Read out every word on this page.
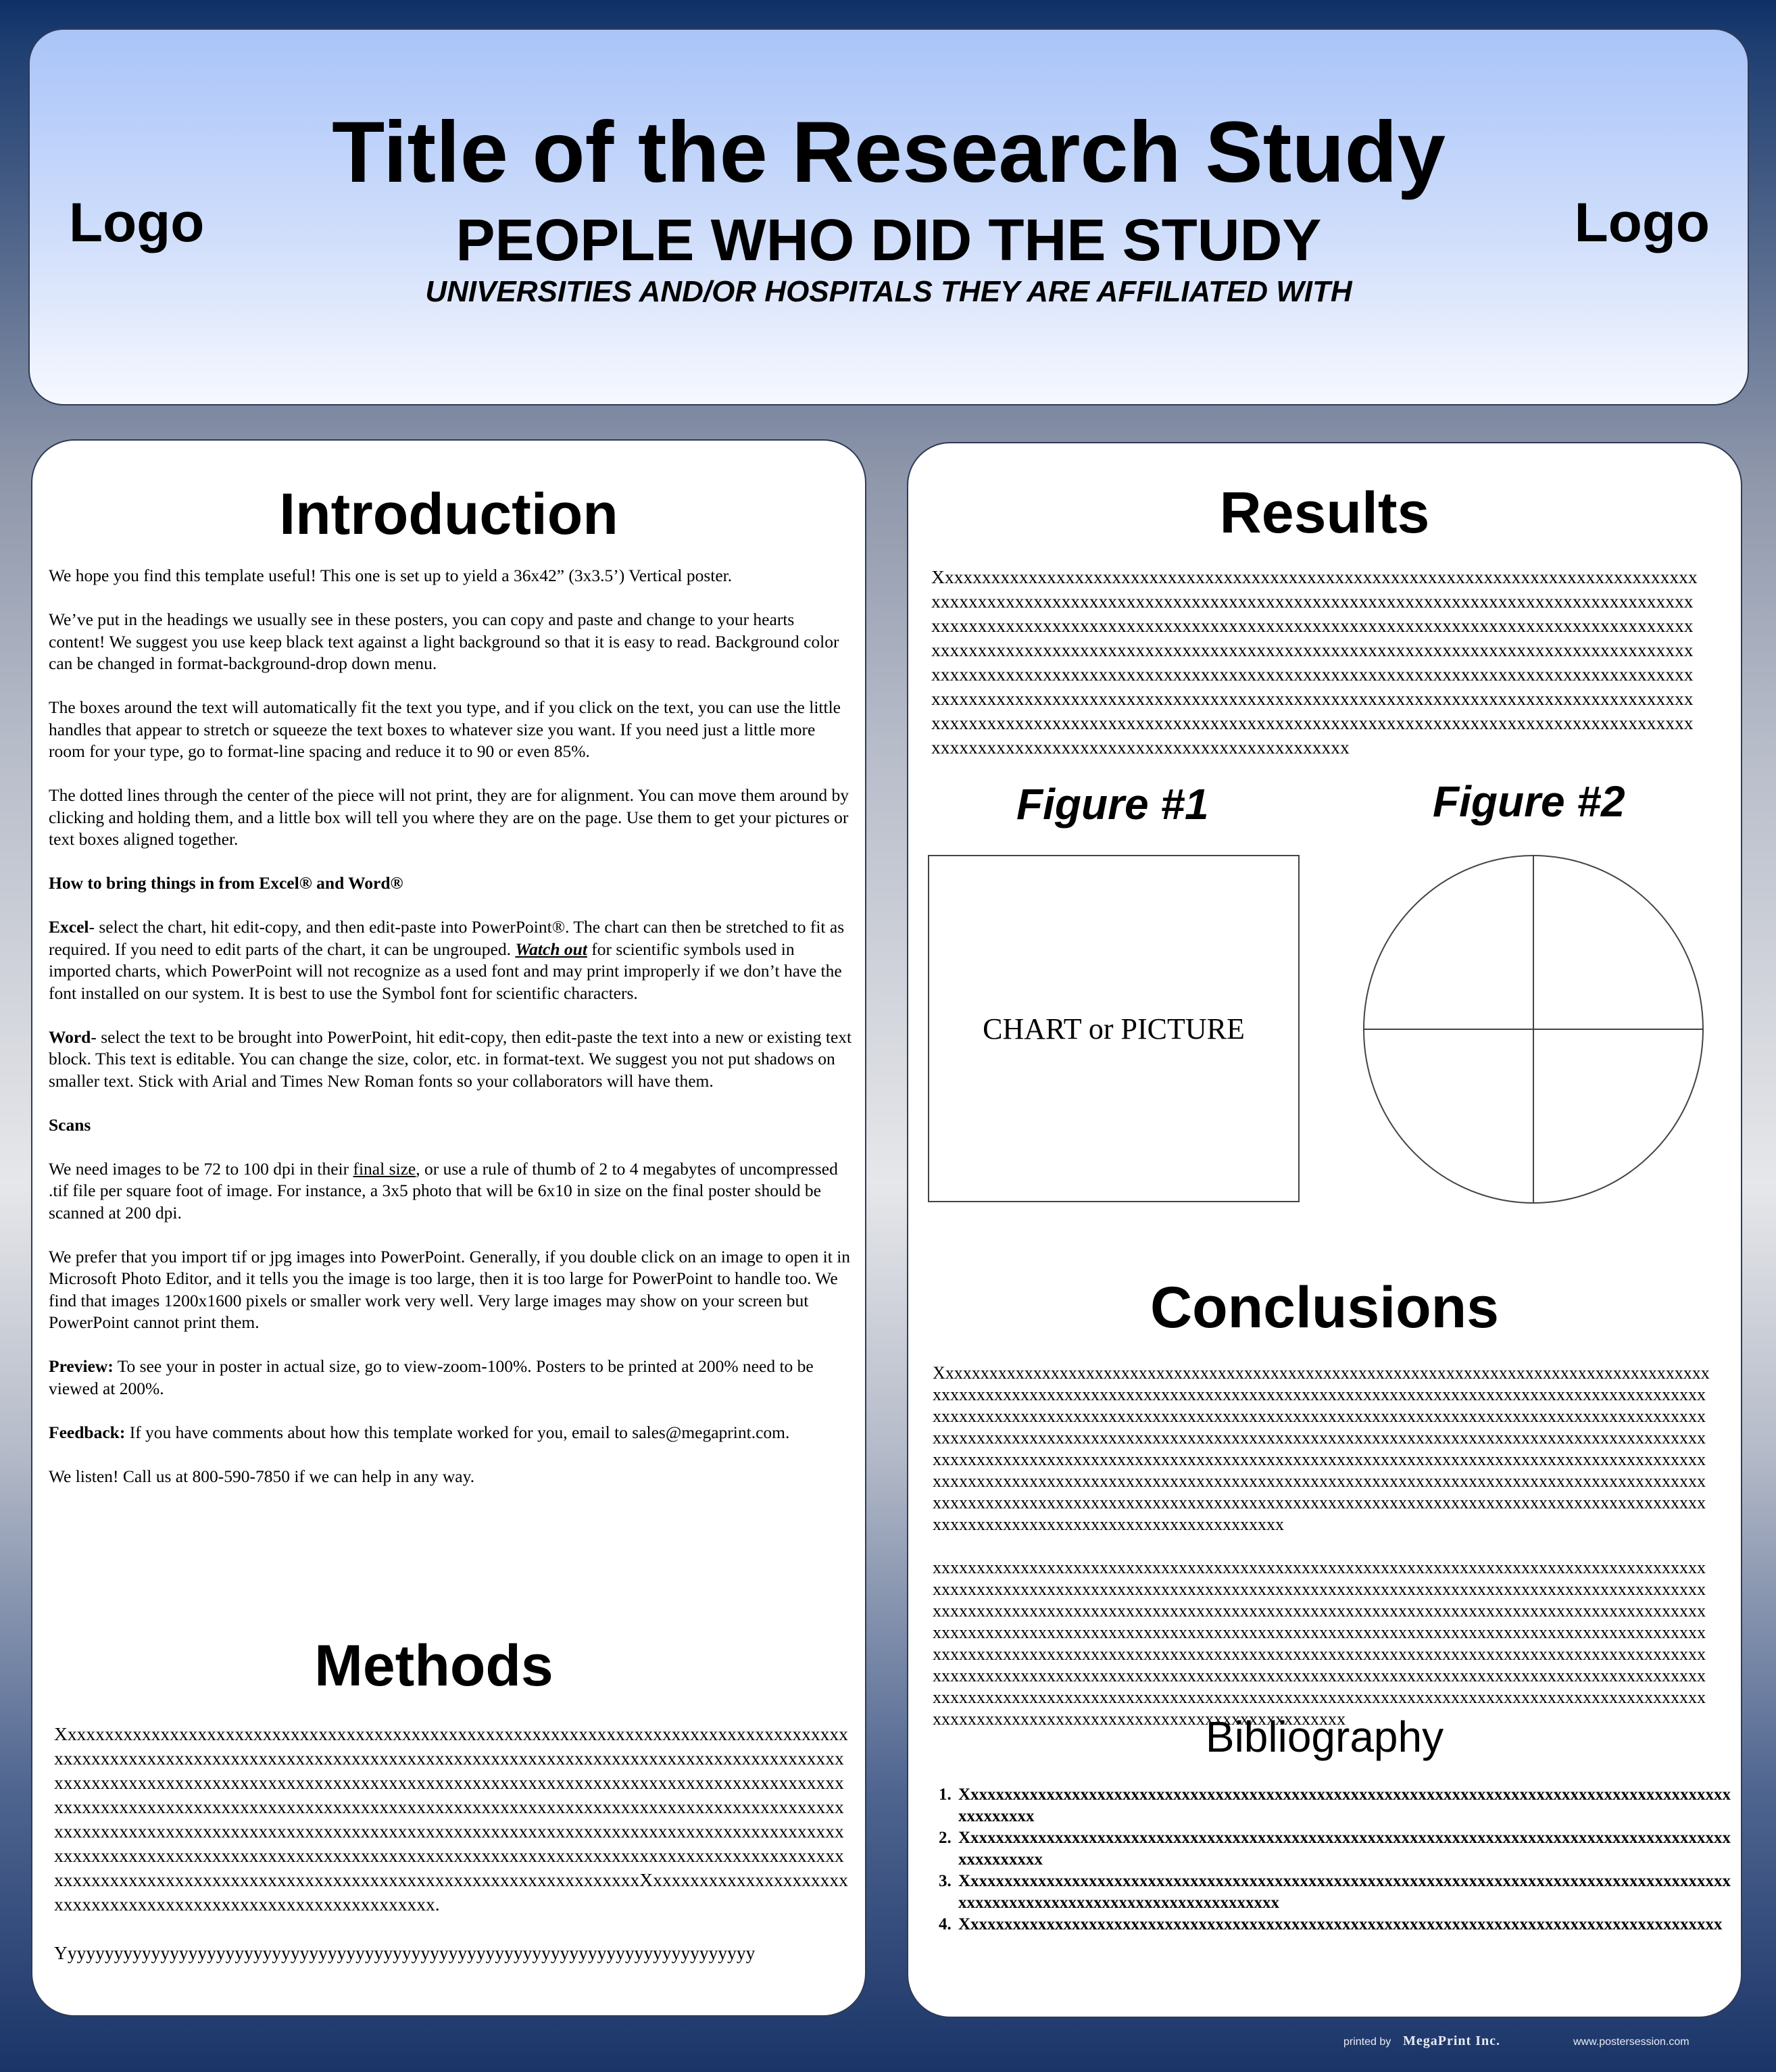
Logo	Logo
Title of the Research Study
PEOPLE WHO DID THE STUDY
UNIVERSITIES AND/OR HOSPITALS THEY ARE AFFILIATED WITH
Introduction

We hope you find this template useful! This one is set up to yield a 36x42” (3x3.5’) Vertical poster.

We’ve put in the headings we usually see in these posters, you can copy and paste and change to your hearts content! We suggest you use keep black text against a light background so that it is easy to read. Background color can be changed in format-background-drop down menu.

The boxes around the text will automatically fit the text you type, and if you click on the text, you can use the little handles that appear to stretch or squeeze the text boxes to whatever size you want. If you need just a little more room for your type, go to format-line spacing and reduce it to 90 or even 85%.

The dotted lines through the center of the piece will not print, they are for alignment. You can move them around by clicking and holding them, and a little box will tell you where they are on the page. Use them to get your pictures or text boxes aligned together.

How to bring things in from Excel® and Word®

Excel- select the chart, hit edit-copy, and then edit-paste into PowerPoint®. The chart can then be stretched to fit as required. If you need to edit parts of the chart, it can be ungrouped. Watch out for scientific symbols used in imported charts, which PowerPoint will not recognize as a used font and may print improperly if we don’t have the font installed on our system. It is best to use the Symbol font for scientific characters.

Word- select the text to be brought into PowerPoint, hit edit-copy, then edit-paste the text into a new or existing text block. This text is editable. You can change the size, color, etc. in format-text. We suggest you not put shadows on smaller text. Stick with Arial and Times New Roman fonts so your collaborators will have them.

Scans

We need images to be 72 to 100 dpi in their final size, or use a rule of thumb of 2 to 4 megabytes of uncompressed .tif file per square foot of image. For instance, a 3x5 photo that will be 6x10 in size on the final poster should be scanned at 200 dpi.

We prefer that you import tif or jpg images into PowerPoint. Generally, if you double click on an image to open it in Microsoft Photo Editor, and it tells you the image is too large, then it is too large for PowerPoint to handle too. We find that images 1200x1600 pixels or smaller work very well. Very large images may show on your screen but PowerPoint cannot print them.

Preview: To see your in poster in actual size, go to view-zoom-100%. Posters to be printed at 200% need to be viewed at 200%.

Feedback: If you have comments about how this template worked for you, email to sales@megaprint.com.

We listen! Call us at 800-590-7850 if we can help in any way.

Methods

XxxxxxxxxxxxxxxxxxxxxxxxxxxxxxxxxxxxxxxxxxxxxxxxxxxxxxxxxxxxxxxxxxxxxxxxxxxxxxxxxxxxxxxxxxxxxxxxxxxxxxxxxxxxxxxxxxxxxxxxxxxxxxxxxxxxxxxxxxxxxxxxxxxxxxxxxxxxxxxxxxxxxxxxxxxxxxxxxxxxxxxxxxxxxxxxxxxxxxxxxxxxxxxxxxxxxxxxxxxxxxxxxxxxxxxxxxxxxxxxxxxxxxxxxxxxxxxxxxxxxxxxxxxxxxxxxxxxxxxxxxxxxxxxxxxxxxxxxxxxxxxxxxxxxxxxxxxxxxxxxxxxxxxxxxxxxxxxxxxxxxxxxxxxxxxxxxxxxxxxxxxxxxxxxxxxxxxxxxxxxxxxxxxxxxxxxxxxxxxxxxxxxxxxxxxxxxxxxxxxxxxxxxxxxxxxxxxxxxxxxxxxxxxxxxxxxxxxxxxxxxxxxxxxxxxxxxxxxxxxxxxxxxxxxxxxxxxxxxxxxxxxxxxxxxxxxxxxxxxxxxxxxxxxxxxxxxxxxxxxxxxxxxxxxxxxxxxxxxxxxxxxxxxxxxxxxXxxxxxxxxxxxxxxxxxxxxxxxxxxxxxxxxxxxxxxxxxxxxxxxxxxxxxxxxxxxxxx.

Yyyyyyyyyyyyyyyyyyyyyyyyyyyyyyyyyyyyyyyyyyyyyyyyyyyyyyyyyyyyyyyyyyyyyyyyyyy

Results

Xxxxxxxxxxxxxxxxxxxxxxxxxxxxxxxxxxxxxxxxxxxxxxxxxxxxxxxxxxxxxxxxxxxxxxxxxxxxxxxxxxxxxxxxxxxxxxxxxxxxxxxxxxxxxxxxxxxxxxxxxxxxxxxxxxxxxxxxxxxxxxxxxxxxxxxxxxxxxxxxxxxxxxxxxxxxxxxxxxxxxxxxxxxxxxxxxxxxxxxxxxxxxxxxxxxxxxxxxxxxxxxxxxxxxxxxxxxxxxxxxxxxxxxxxxxxxxxxxxxxxxxxxxxxxxxxxxxxxxxxxxxxxxxxxxxxxxxxxxxxxxxxxxxxxxxxxxxxxxxxxxxxxxxxxxxxxxxxxxxxxxxxxxxxxxxxxxxxxxxxxxxxxxxxxxxxxxxxxxxxxxxxxxxxxxxxxxxxxxxxxxxxxxxxxxxxxxxxxxxxxxxxxxxxxxxxxxxxxxxxxxxxxxxxxxxxxxxxxxxxxxxxxxxxxxxxxxxxxxxxxxxxxxxxxxxxxxxxxxxxxxxxxxxxxxxxxxxxxxxxxxxxxxxxxxxxxxxxxxxxxxxxxxxxxxxxxxxxxxxxxxxxxxxxxxxxxxxxxxxxxxxxxxxxxxxxxxxxxxxxxxxxxxxxxxxxxxxxxxx

Figure #1	Figure #2
CHART or PICTURE
Conclusions

Xxxxxxxxxxxxxxxxxxxxxxxxxxxxxxxxxxxxxxxxxxxxxxxxxxxxxxxxxxxxxxxxxxxxxxxxxxxxxxxxxxxxxxxxxxxxxxxxxxxxxxxxxxxxxxxxxxxxxxxxxxxxxxxxxxxxxxxxxxxxxxxxxxxxxxxxxxxxxxxxxxxxxxxxxxxxxxxxxxxxxxxxxxxxxxxxxxxxxxxxxxxxxxxxxxxxxxxxxxxxxxxxxxxxxxxxxxxxxxxxxxxxxxxxxxxxxxxxxxxxxxxxxxxxxxxxxxxxxxxxxxxxxxxxxxxxxxxxxxxxxxxxxxxxxxxxxxxxxxxxxxxxxxxxxxxxxxxxxxxxxxxxxxxxxxxxxxxxxxxxxxxxxxxxxxxxxxxxxxxxxxxxxxxxxxxxxxxxxxxxxxxxxxxxxxxxxxxxxxxxxxxxxxxxxxxxxxxxxxxxxxxxxxxxxxxxxxxxxxxxxxxxxxxxxxxxxxxxxxxxxxxxxxxxxxxxxxxxxxxxxxxxxxxxxxxxxxxxxxxxxxxxxxxxxxxxxxxxxxxxxxxxxxxxxxxxxxxxxxxxxxxxxxxxxxxxxxxxxxxxxxxxxxxxxxxxxxxxxxxxxxxxxxxxxxxxxxxxxxxxxxxxxxxxxxxxxxxxxxxxxxxxxxxxxxxxxxxx

xxxxxxxxxxxxxxxxxxxxxxxxxxxxxxxxxxxxxxxxxxxxxxxxxxxxxxxxxxxxxxxxxxxxxxxxxxxxxxxxxxxxxxxxxxxxxxxxxxxxxxxxxxxxxxxxxxxxxxxxxxxxxxxxxxxxxxxxxxxxxxxxxxxxxxxxxxxxxxxxxxxxxxxxxxxxxxxxxxxxxxxxxxxxxxxxxxxxxxxxxxxxxxxxxxxxxxxxxxxxxxxxxxxxxxxxxxxxxxxxxxxxxxxxxxxxxxxxxxxxxxxxxxxxxxxxxxxxxxxxxxxxxxxxxxxxxxxxxxxxxxxxxxxxxxxxxxxxxxxxxxxxxxxxxxxxxxxxxxxxxxxxxxxxxxxxxxxxxxxxxxxxxxxxxxxxxxxxxxxxxxxxxxxxxxxxxxxxxxxxxxxxxxxxxxxxxxxxxxxxxxxxxxxxxxxxxxxxxxxxxxxxxxxxxxxxxxxxxxxxxxxxxxxxxxxxxxxxxxxxxxxxxxxxxxxxxxxxxxxxxxxxxxxxxxxxxxxxxxxxxxxxxxxxxxxxxxxxxxxxxxxxxxxxxxxxxxxxxxxxxxxxxxxxxxxxxxxxxxxxxxxxxxxxxxxxxxxxxxxxxxxxxxxxxxxxxxxxxxxxxxxxxxxxxxxxxxxxxxxxxxxxxxxxxxxxxxxxxxxxxxx

Bibliography
1. Xxxxxxxxxxxxxxxxxxxxxxxxxxxxxxxxxxxxxxxxxxxxxxxxxxxxxxxxxxxxxxxxxxxxxxxxxxxxxxxxxxxxxxxxxxxxxxxxxxxx
2. Xxxxxxxxxxxxxxxxxxxxxxxxxxxxxxxxxxxxxxxxxxxxxxxxxxxxxxxxxxxxxxxxxxxxxxxxxxxxxxxxxxxxxxxxxxxxxxxxxxxxx
3. Xxxxxxxxxxxxxxxxxxxxxxxxxxxxxxxxxxxxxxxxxxxxxxxxxxxxxxxxxxxxxxxxxxxxxxxxxxxxxxxxxxxxxxxxxxxxxxxxxxxxxxxxxxxxxxxxxxxxxxxxxxxxxxxxx
4. Xxxxxxxxxxxxxxxxxxxxxxxxxxxxxxxxxxxxxxxxxxxxxxxxxxxxxxxxxxxxxxxxxxxxxxxxxxxxxxxxxxxxxxxxxx
printed by MegaPrint Inc.	www.postersession.com
